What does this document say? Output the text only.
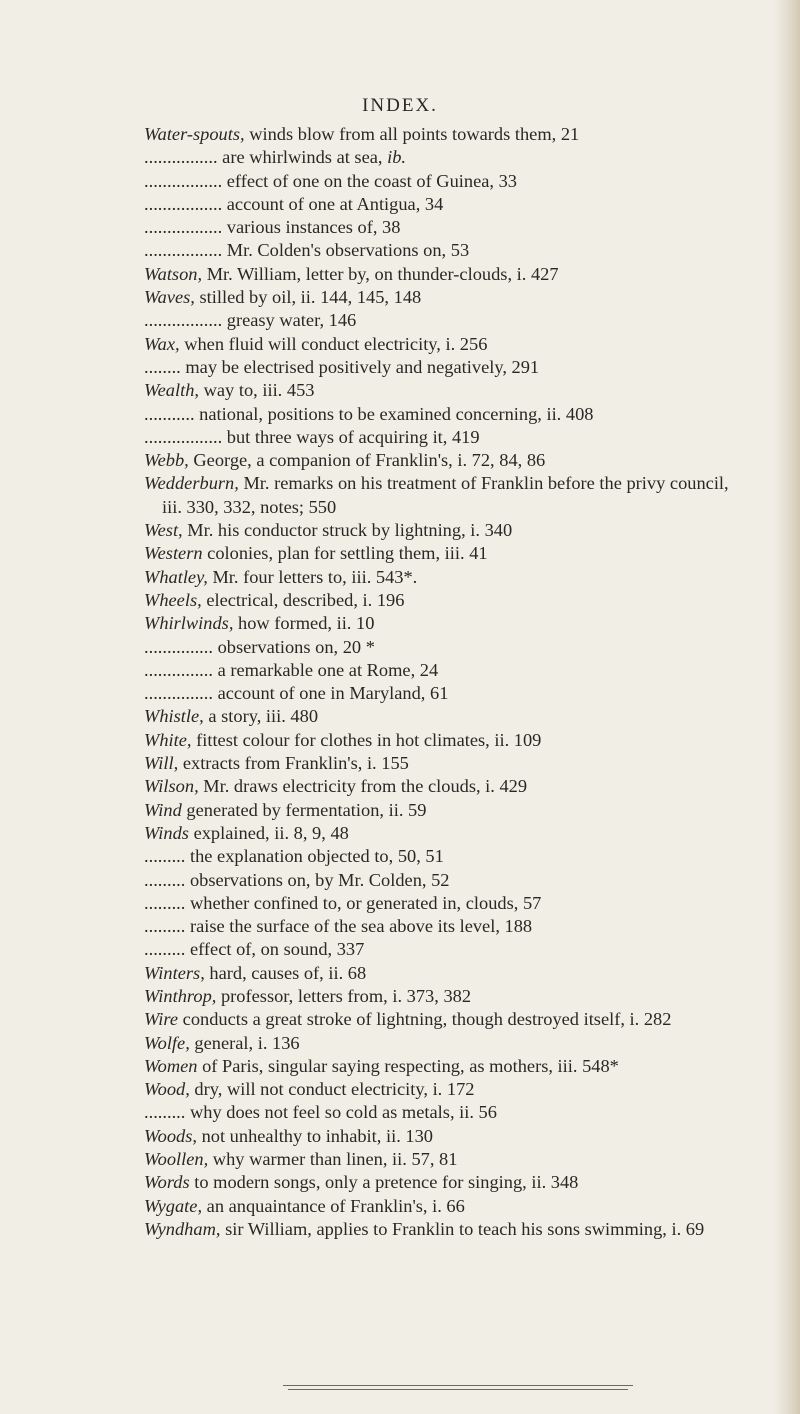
INDEX.

Water-spouts, winds blow from all points towards them, 21

................ are whirlwinds at sea, ib.

................. effect of one on the coast of Guinea, 33

................. account of one at Antigua, 34

................. various instances of, 38

................. Mr. Colden's observations on, 53

Watson, Mr. William, letter by, on thunder-clouds, i. 427

Waves, stilled by oil, ii. 144, 145, 148

................. greasy water, 146

Wax, when fluid will conduct electricity, i. 256

........ may be electrised positively and negatively, 291

Wealth, way to, iii. 453

........... national, positions to be examined concerning, ii. 408

................. but three ways of acquiring it, 419

Webb, George, a companion of Franklin's, i. 72, 84, 86

Wedderburn, Mr. remarks on his treatment of Franklin before the privy council, iii. 330, 332, notes; 550

West, Mr. his conductor struck by lightning, i. 340

Western colonies, plan for settling them, iii. 41

Whatley, Mr. four letters to, iii. 543*.

Wheels, electrical, described, i. 196

Whirlwinds, how formed, ii. 10

............... observations on, 20 *

............... a remarkable one at Rome, 24

............... account of one in Maryland, 61

Whistle, a story, iii. 480

White, fittest colour for clothes in hot climates, ii. 109

Will, extracts from Franklin's, i. 155

Wilson, Mr. draws electricity from the clouds, i. 429

Wind generated by fermentation, ii. 59

Winds explained, ii. 8, 9, 48

......... the explanation objected to, 50, 51

......... observations on, by Mr. Colden, 52

......... whether confined to, or generated in, clouds, 57

......... raise the surface of the sea above its level, 188

......... effect of, on sound, 337

Winters, hard, causes of, ii. 68

Winthrop, professor, letters from, i. 373, 382

Wire conducts a great stroke of lightning, though destroyed itself, i. 282

Wolfe, general, i. 136

Women of Paris, singular saying respecting, as mothers, iii. 548*

Wood, dry, will not conduct electricity, i. 172

......... why does not feel so cold as metals, ii. 56

Woods, not unhealthy to inhabit, ii. 130

Woollen, why warmer than linen, ii. 57, 81

Words to modern songs, only a pretence for singing, ii. 348

Wygate, an anquaintance of Franklin's, i. 66

Wyndham, sir William, applies to Franklin to teach his sons swimming, i. 69
